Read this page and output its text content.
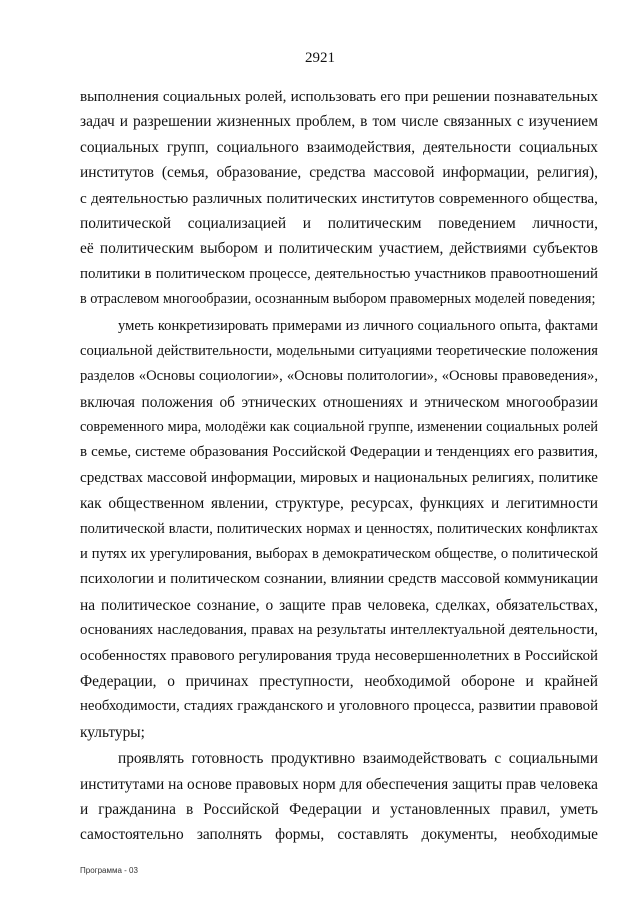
2921
выполнения социальных ролей, использовать его при решении познавательных
задач и разрешении жизненных проблем, в том числе связанных с изучением
социальных групп, социального взаимодействия, деятельности социальных
институтов (семья, образование, средства массовой информации, религия),
с деятельностью различных политических институтов современного общества,
политической социализацией и политическим поведением личности,
её политическим выбором и политическим участием, действиями субъектов
политики в политическом процессе, деятельностью участников правоотношений
в отраслевом многообразии, осознанным выбором правомерных моделей поведения;
уметь конкретизировать примерами из личного социального опыта, фактами
социальной действительности, модельными ситуациями теоретические положения
разделов «Основы социологии», «Основы политологии», «Основы правоведения»,
включая положения об этнических отношениях и этническом многообразии
современного мира, молодёжи как социальной группе, изменении социальных ролей
в семье, системе образования Российской Федерации и тенденциях его развития,
средствах массовой информации, мировых и национальных религиях, политике
как общественном явлении, структуре, ресурсах, функциях и легитимности
политической власти, политических нормах и ценностях, политических конфликтах
и путях их урегулирования, выборах в демократическом обществе, о политической
психологии и политическом сознании, влиянии средств массовой коммуникации
на политическое сознание, о защите прав человека, сделках, обязательствах,
основаниях наследования, правах на результаты интеллектуальной деятельности,
особенностях правового регулирования труда несовершеннолетних в Российской
Федерации, о причинах преступности, необходимой обороне и крайней
необходимости, стадиях гражданского и уголовного процесса, развитии правовой
культуры;
проявлять готовность продуктивно взаимодействовать с социальными
институтами на основе правовых норм для обеспечения защиты прав человека
и гражданина в Российской Федерации и установленных правил, уметь
самостоятельно заполнять формы, составлять документы, необходимые
Программа - 03
